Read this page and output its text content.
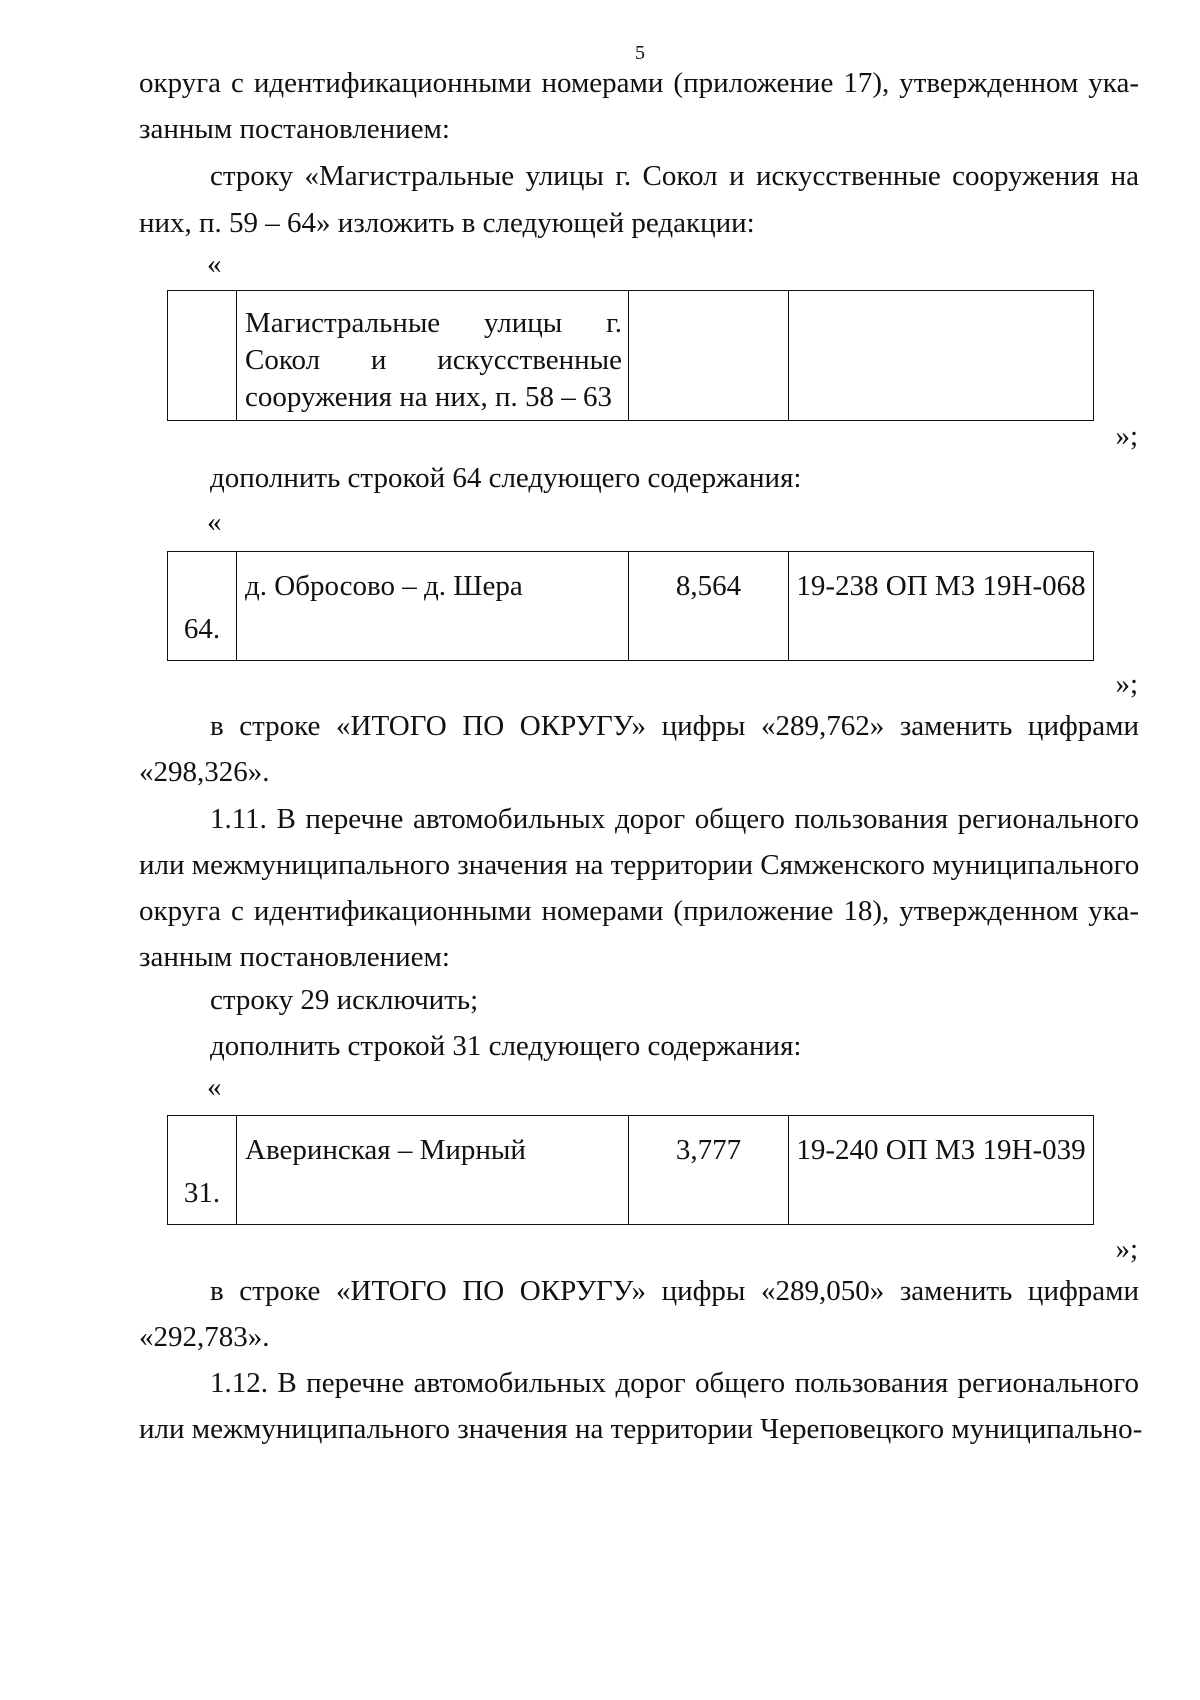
5
округа с идентификационными номерами (приложение 17), утвержденном ука-
занным постановлением:
строку «Магистральные улицы г. Сокол и искусственные сооружения на
них, п. 59 – 64» изложить в следующей редакции:
«
	Магистральные улицы г. Сокол и искусственные сооружения на них, п. 58 – 63		
»;
дополнить строкой 64 следующего содержания:
«
64.	д. Обросово – д. Шера	8,564	19-238 ОП МЗ 19Н-068
»;
в строке «ИТОГО ПО ОКРУГУ» цифры «289,762» заменить цифрами
«298,326».
1.11. В перечне автомобильных дорог общего пользования регионального
или межмуниципального значения на территории Сямженского муниципального
округа с идентификационными номерами (приложение 18), утвержденном ука-
занным постановлением:
строку 29 исключить;
дополнить строкой 31 следующего содержания:
«
31.	Аверинская – Мирный	3,777	19-240 ОП МЗ 19Н-039
»;
в строке «ИТОГО ПО ОКРУГУ» цифры «289,050» заменить цифрами
«292,783».
1.12. В перечне автомобильных дорог общего пользования регионального
или межмуниципального значения на территории Череповецкого муниципально-
